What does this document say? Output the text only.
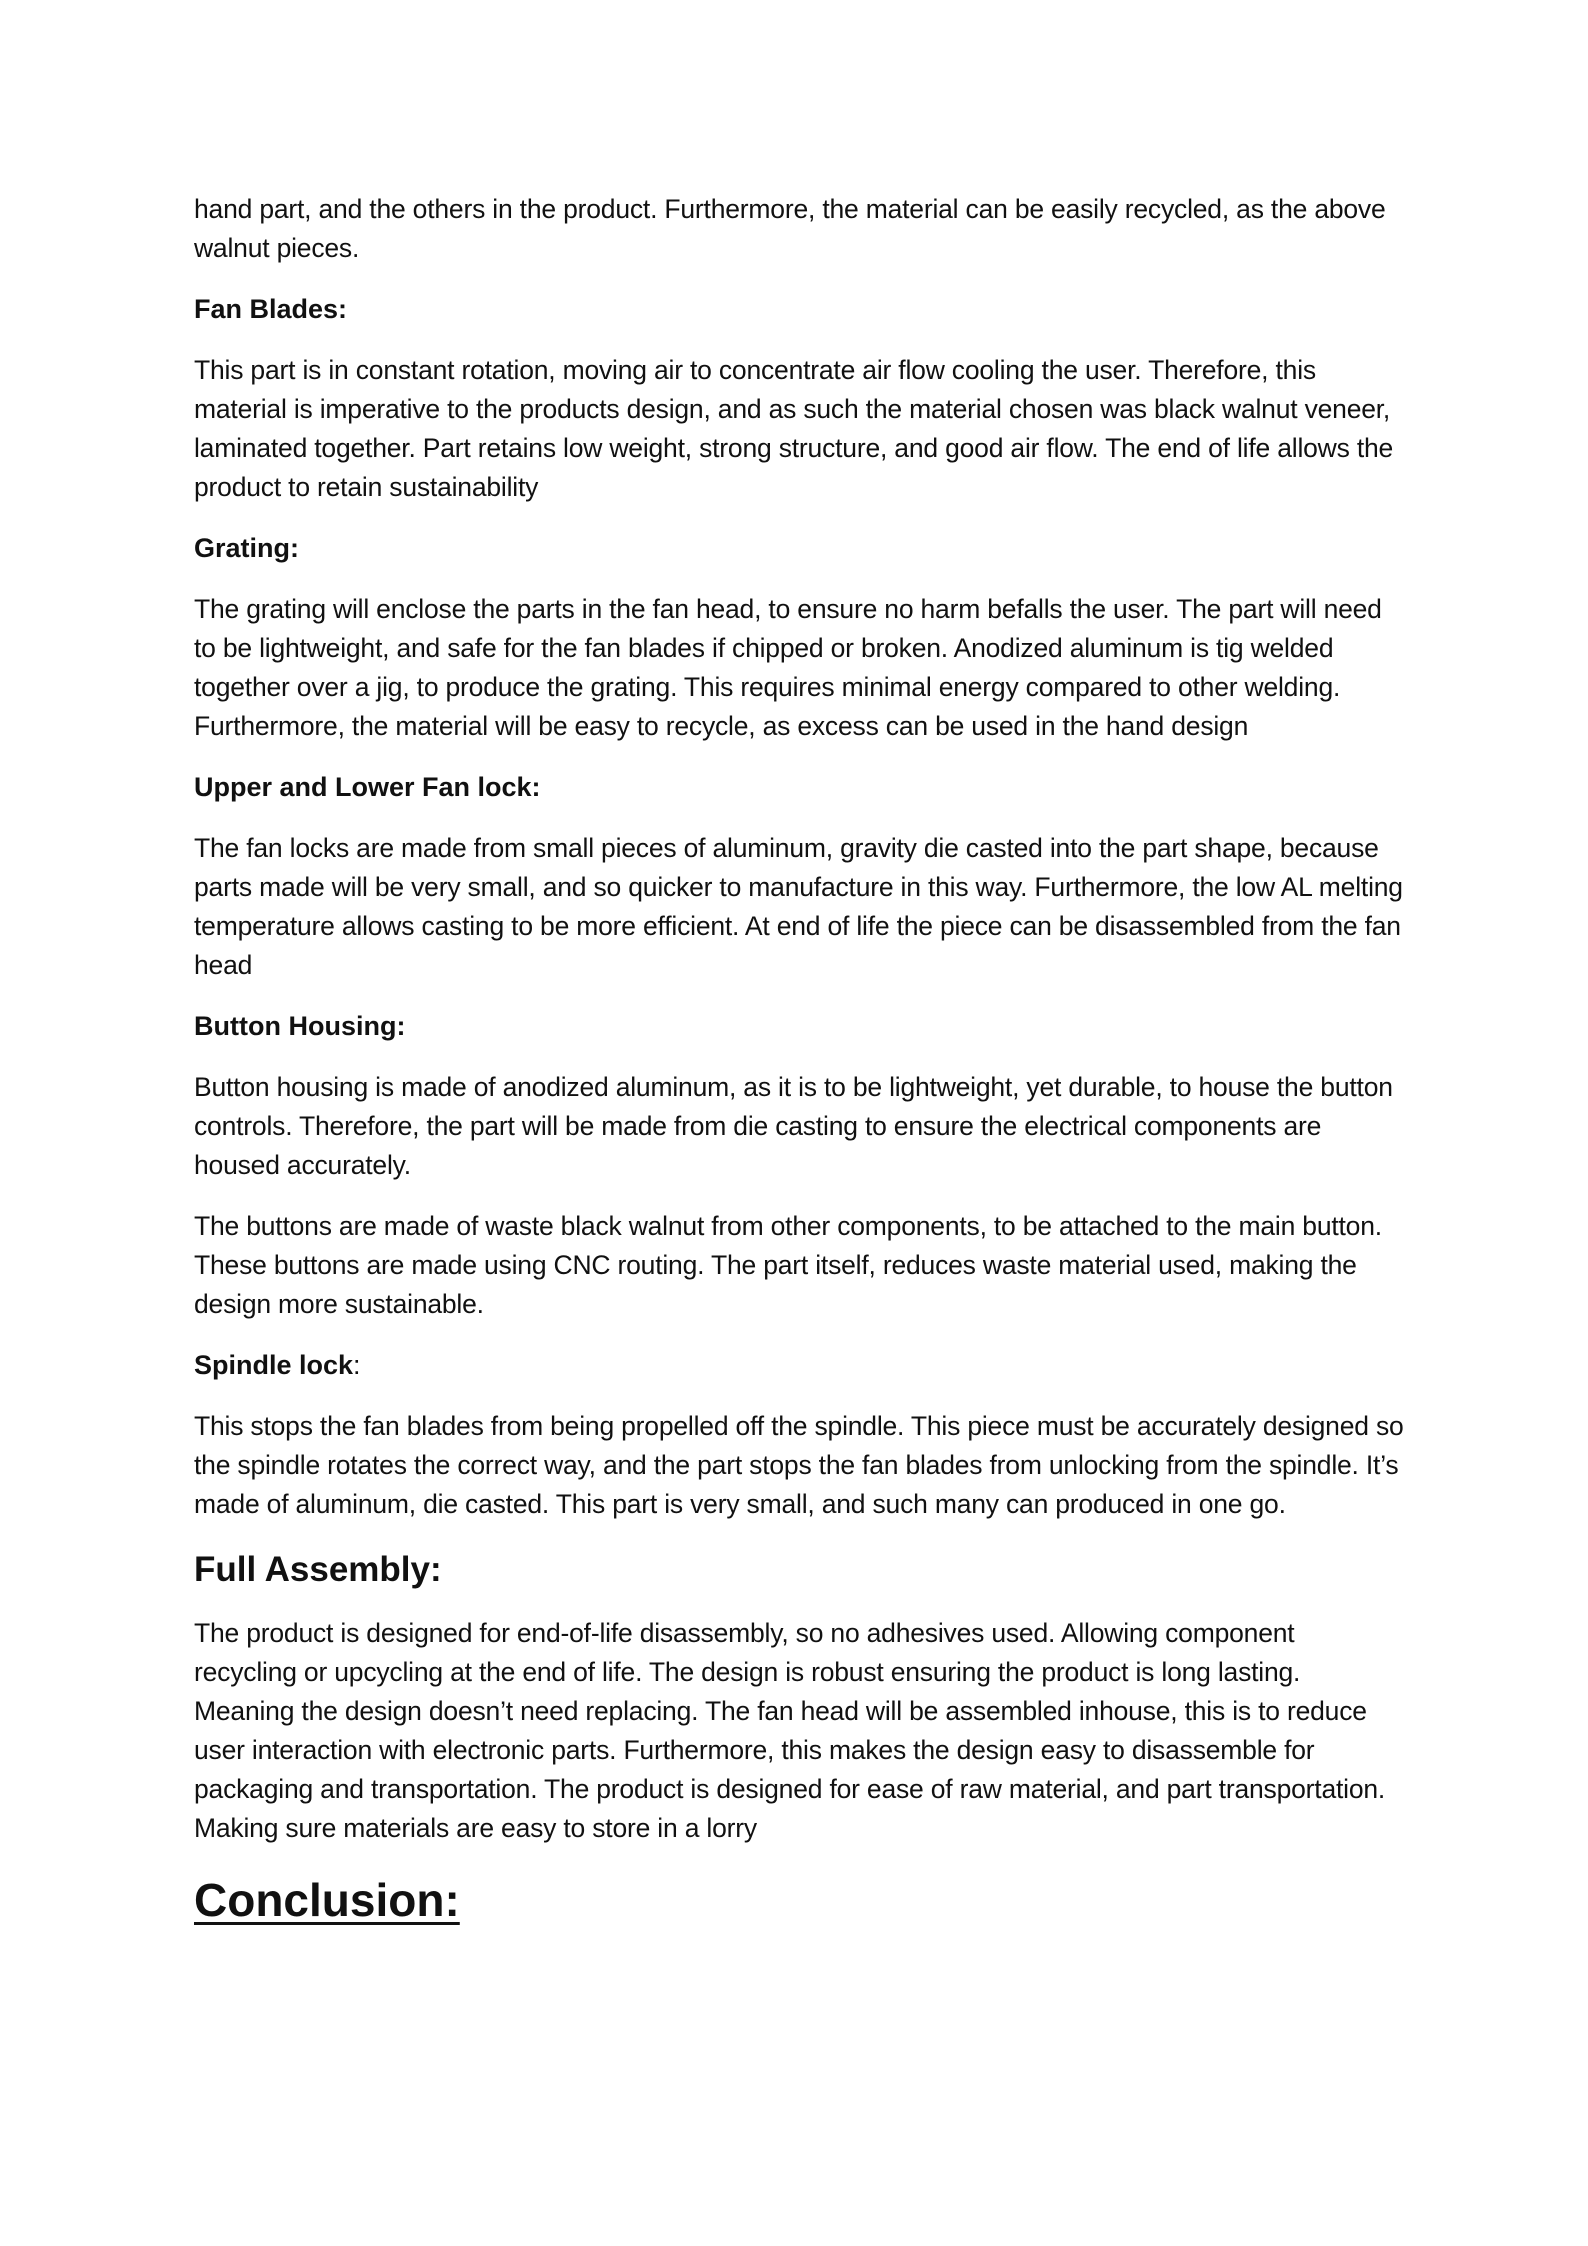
hand part, and the others in the product. Furthermore, the material can be easily recycled, as the above walnut pieces.

Fan Blades:

This part is in constant rotation, moving air to concentrate air flow cooling the user. Therefore, this material is imperative to the products design, and as such the material chosen was black walnut veneer, laminated together. Part retains low weight, strong structure, and good air flow. The end of life allows the product to retain sustainability

Grating:

The grating will enclose the parts in the fan head, to ensure no harm befalls the user. The part will need to be lightweight, and safe for the fan blades if chipped or broken. Anodized aluminum is tig welded together over a jig, to produce the grating. This requires minimal energy compared to other welding. Furthermore, the material will be easy to recycle, as excess can be used in the hand design

Upper and Lower Fan lock:

The fan locks are made from small pieces of aluminum, gravity die casted into the part shape, because parts made will be very small, and so quicker to manufacture in this way. Furthermore, the low AL melting temperature allows casting to be more efficient. At end of life the piece can be disassembled from the fan head

Button Housing:

Button housing is made of anodized aluminum, as it is to be lightweight, yet durable, to house the button controls. Therefore, the part will be made from die casting to ensure the electrical components are housed accurately.

The buttons are made of waste black walnut from other components, to be attached to the main button. These buttons are made using CNC routing. The part itself, reduces waste material used, making the design more sustainable.

Spindle lock:

This stops the fan blades from being propelled off the spindle. This piece must be accurately designed so the spindle rotates the correct way, and the part stops the fan blades from unlocking from the spindle. It’s made of aluminum, die casted. This part is very small, and such many can produced in one go.

Full Assembly:

The product is designed for end-of-life disassembly, so no adhesives used. Allowing component recycling or upcycling at the end of life. The design is robust ensuring the product is long lasting. Meaning the design doesn’t need replacing. The fan head will be assembled inhouse, this is to reduce user interaction with electronic parts. Furthermore, this makes the design easy to disassemble for packaging and transportation. The product is designed for ease of raw material, and part transportation. Making sure materials are easy to store in a lorry

Conclusion:
